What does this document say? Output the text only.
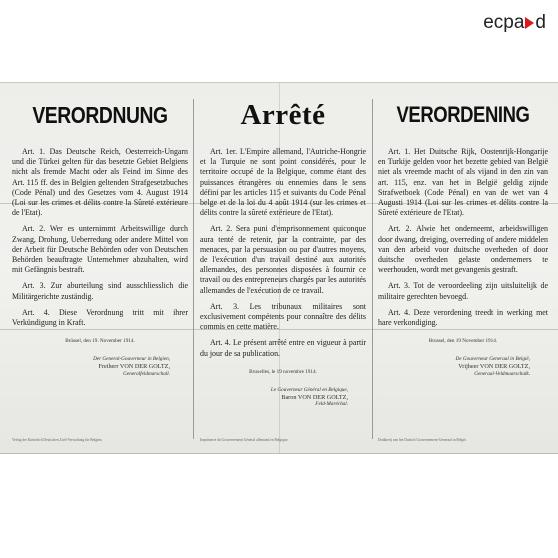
ecpa d
VERORDNUNG

Art. 1. Das Deutsche Reich, Oesterreich-Ungarn und die Türkei gelten für das besetzte Gebiet Belgiens nicht als fremde Macht oder als Feind im Sinne des Art. 115 ff. des in Belgien geltenden Strafgesetzbuches (Code Pénal) und des Gesetzes vom 4. August 1914 (Loi sur les crimes et délits contre la Sûreté extérieure de l'Etat).

Art. 2. Wer es unternimmt Arbeitswillige durch Zwang, Drohung, Ueberredung oder andere Mittel von der Arbeit für Deutsche Behörden oder von Deutschen Behörden beauftragte Unternehmer abzuhalten, wird mit Gefängnis bestraft.

Art. 3. Zur aburteilung sind ausschliesslich die Militärgerichte zuständig.

Art. 4. Diese Verordnung tritt mit ihrer Verkündigung in Kraft.

Brüssel, den 19. November 1914.
Der General-Gouverneur in Belgien,
Freiherr VON DER GOLTZ,
Generalfeldmarschall.
Verlag der Kaiserlich Deutschen Zivil-Verwaltung für Belgien.
Arrêté

Art. 1er. L'Empire allemand, l'Autriche-Hongrie et la Turquie ne sont point considérés, pour le territoire occupé de la Belgique, comme étant des puissances étrangères ou ennemies dans le sens défini par les articles 115 et suivants du Code Pénal belge et de la loi du 4 août 1914 (sur les crimes et délits contre la sûreté extérieure de l'Etat).

Art. 2. Sera puni d'emprisonnement quiconque aura tenté de retenir, par la contrainte, par des menaces, par la persuasion ou par d'autres moyens, de l'exécution d'un travail destiné aux autorités allemandes, des personnes disposées à fournir ce travail ou des entrepreneurs chargés par les autorités allemandes de l'exécution de ce travail.

Art. 3. Les tribunaux militaires sont exclusivement compétents pour connaître des délits commis en cette matière.

Art. 4. Le présent arrêté entre en vigueur à partir du jour de sa publication.

Bruxelles, le 19 novembre 1914.
Le Gouverneur Général en Belgique,
Baron VON DER GOLTZ,
Feld-Maréchal.
Imprimerie du Gouvernement Général allemand en Belgique.
VERORDENING

Art. 1. Het Duitsche Rijk, Oostenrijk-Hongarije en Turkije gelden voor het bezette gebied van België niet als vreemde macht of als vijand in den zin van art. 115, enz. van het in België geldig zijnde Strafwetboek (Code Pénal) en van de wet van 4 Augusti 1914 (Loi sur les crimes et délits contre la Sûreté extérieure de l'Etat).

Art. 2. Alwie het onderneemt, arbeidswilligen door dwang, dreiging, overreding of andere middelen van den arbeid voor duitsche overheden of door duitsche overheden gelaste ondernemers te weerhouden, wordt met gevangenis gestraft.

Art. 3. Tot de veroordeeling zijn uitsluitelijk de militaire gerechten bevoegd.

Art. 4. Deze verordening treedt in werking met hare verkondiging.

Brussel, den 19 November 1914.
De Gouverneur Generaal in België,
Vrijheer VON DER GOLTZ,
Generaal-Veldmaarschalk.
Drukkerij van het Duitsch Gouvernement-Generaal in België.
